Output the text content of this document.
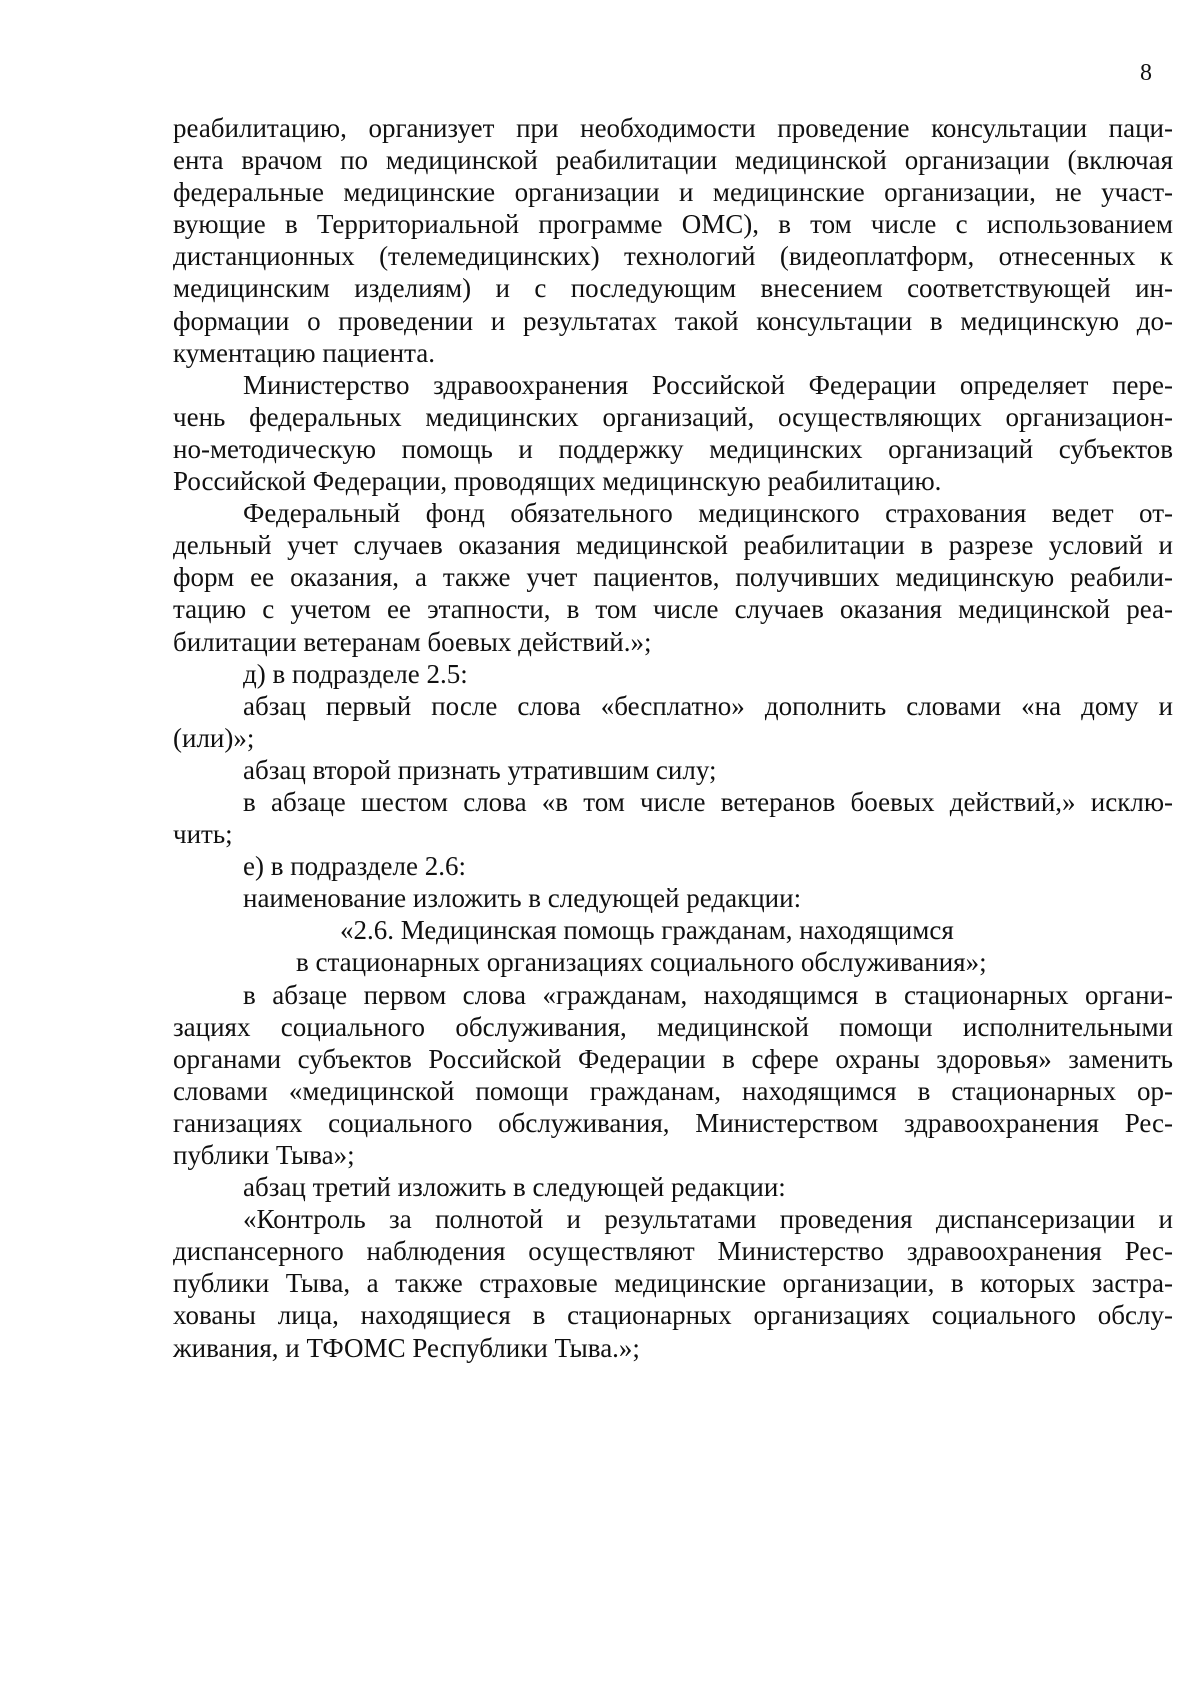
8
реабилитацию, организует при необходимости проведение консультации паци-
ента врачом по медицинской реабилитации медицинской организации (включая
федеральные медицинские организации и медицинские организации, не участ-
вующие в Территориальной программе ОМС), в том числе с использованием
дистанционных (телемедицинских) технологий (видеоплатформ, отнесенных к
медицинским изделиям) и с последующим внесением соответствующей ин-
формации о проведении и результатах такой консультации в медицинскую до-
кументацию пациента.
Министерство здравоохранения Российской Федерации определяет пере-
чень федеральных медицинских организаций, осуществляющих организацион-
но-методическую помощь и поддержку медицинских организаций субъектов
Российской Федерации, проводящих медицинскую реабилитацию.
Федеральный фонд обязательного медицинского страхования ведет от-
дельный учет случаев оказания медицинской реабилитации в разрезе условий и
форм ее оказания, а также учет пациентов, получивших медицинскую реабили-
тацию с учетом ее этапности, в том числе случаев оказания медицинской реа-
билитации ветеранам боевых действий.»;
д) в подразделе 2.5:
абзац первый после слова «бесплатно» дополнить словами «на дому и
(или)»;
абзац второй признать утратившим силу;
в абзаце шестом слова «в том числе ветеранов боевых действий,» исклю-
чить;
е) в подразделе 2.6:
наименование изложить в следующей редакции:
«2.6. Медицинская помощь гражданам, находящимся
в стационарных организациях социального обслуживания»;
в абзаце первом слова «гражданам, находящимся в стационарных органи-
зациях социального обслуживания, медицинской помощи исполнительными
органами субъектов Российской Федерации в сфере охраны здоровья» заменить
словами «медицинской помощи гражданам, находящимся в стационарных ор-
ганизациях социального обслуживания, Министерством здравоохранения Рес-
публики Тыва»;
абзац третий изложить в следующей редакции:
«Контроль за полнотой и результатами проведения диспансеризации и
диспансерного наблюдения осуществляют Министерство здравоохранения Рес-
публики Тыва, а также страховые медицинские организации, в которых застра-
хованы лица, находящиеся в стационарных организациях социального обслу-
живания, и ТФОМС Республики Тыва.»;
